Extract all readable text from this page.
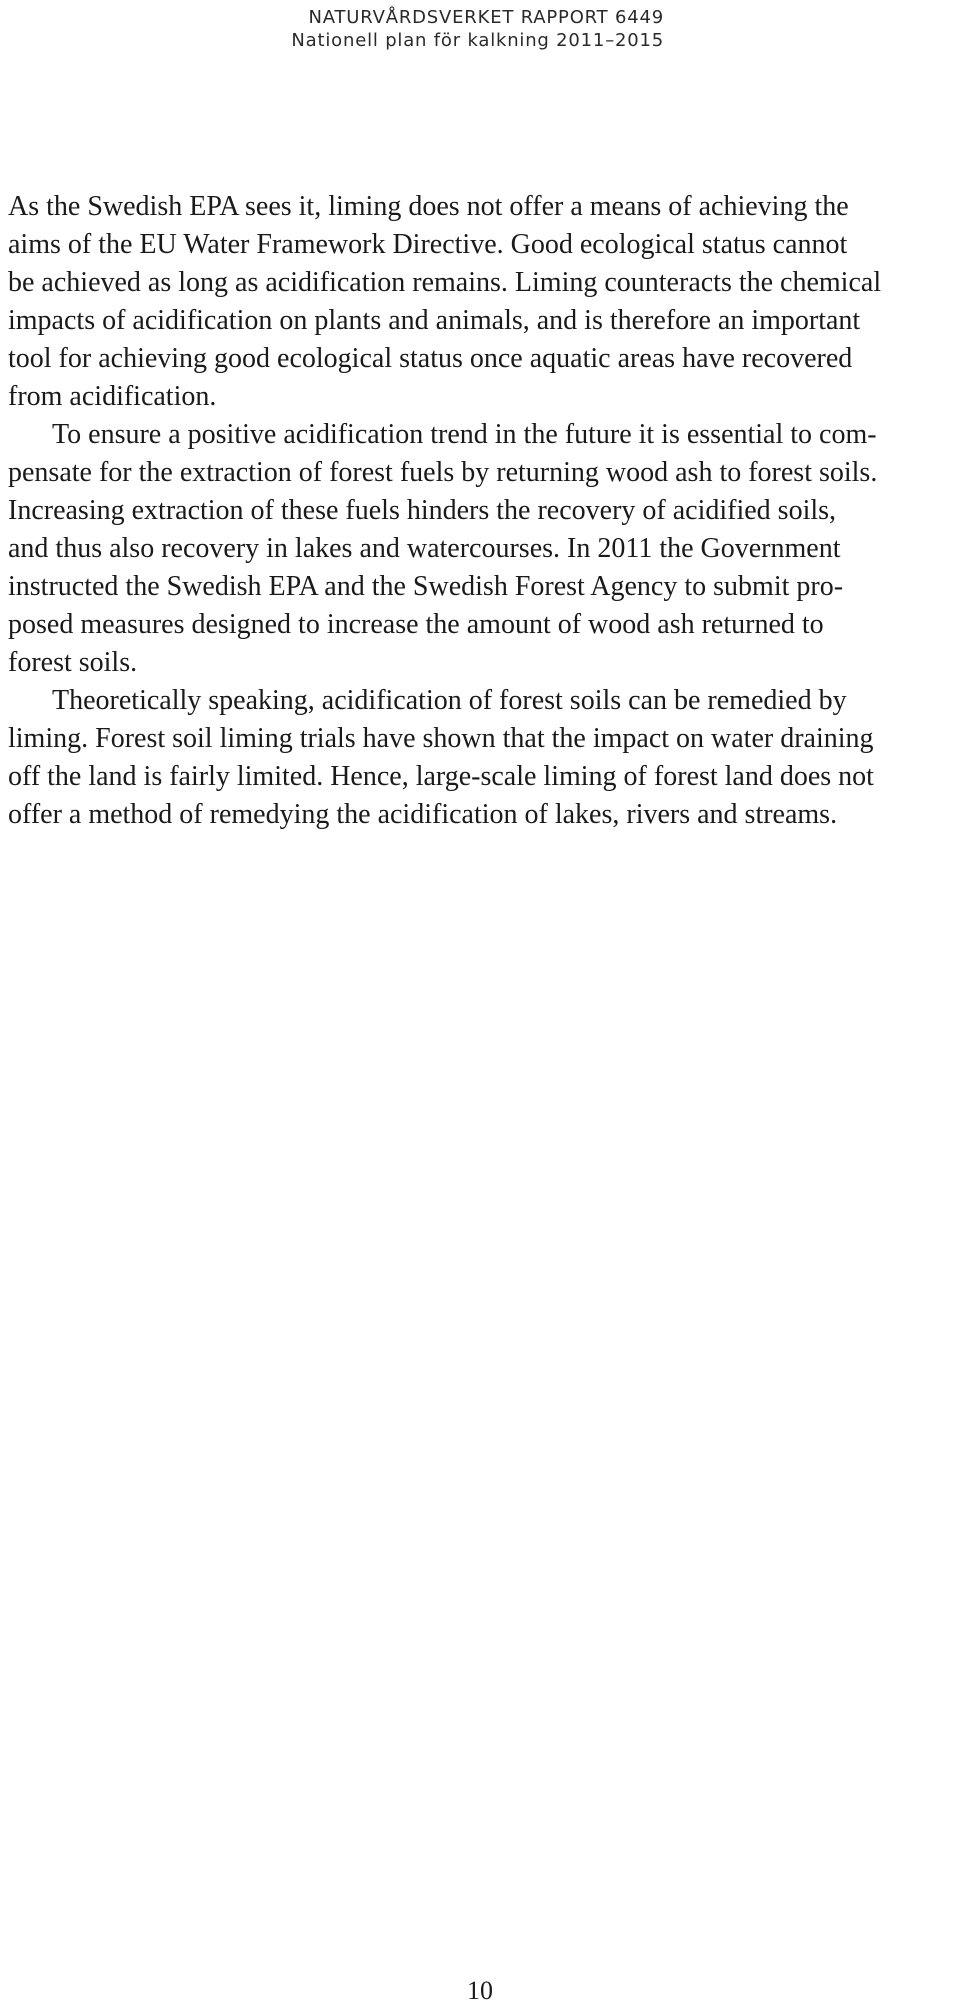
NATURVÅRDSVERKET RAPPORT 6449
Nationell plan för kalkning 2011–2015

As the Swedish EPA sees it, liming does not offer a means of achieving the
aims of the EU Water Framework Directive. Good ecological status cannot
be achieved as long as acidification remains. Liming counteracts the chemical
impacts of acidification on plants and animals, and is therefore an important
tool for achieving good ecological status once aquatic areas have recovered
from acidification.

To ensure a positive acidification trend in the future it is essential to com-
pensate for the extraction of forest fuels by returning wood ash to forest soils.
Increasing extraction of these fuels hinders the recovery of acidified soils,
and thus also recovery in lakes and watercourses. In 2011 the Government
instructed the Swedish EPA and the Swedish Forest Agency to submit pro-
posed measures designed to increase the amount of wood ash returned to
forest soils.

Theoretically speaking, acidification of forest soils can be remedied by
liming. Forest soil liming trials have shown that the impact on water draining
off the land is fairly limited. Hence, large-scale liming of forest land does not
offer a method of remedying the acidification of lakes, rivers and streams.

10
